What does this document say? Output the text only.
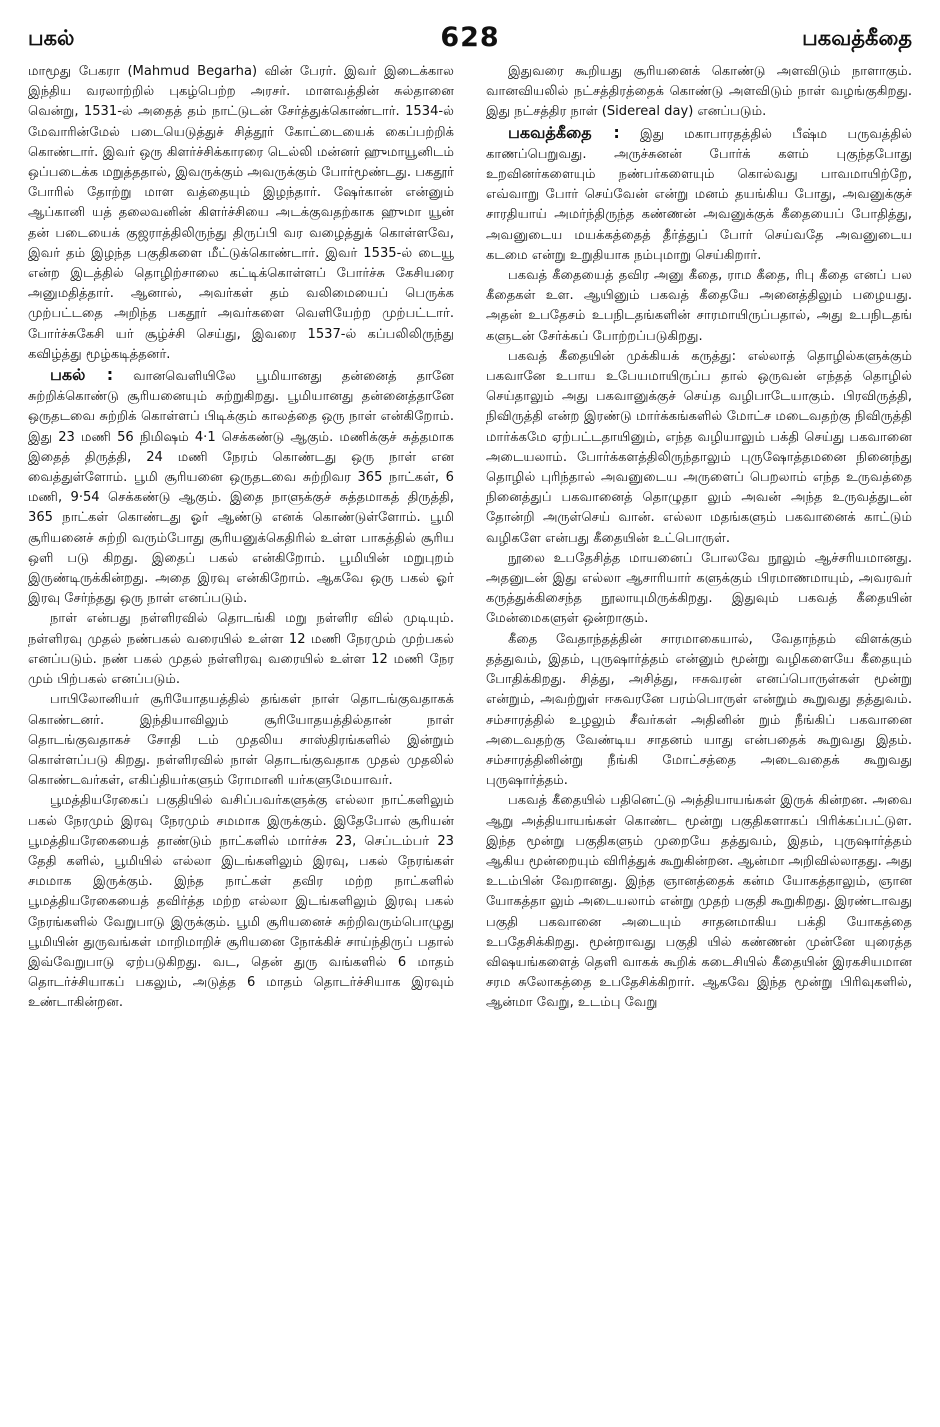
பகல்	628	பகவத்கீதை

மாமூது பேகரா (Mahmud Begarha) வின் பேரர். இவர் இடைக்கால இந்திய வரலாற்றில் புகழ்பெற்ற அரசர். மாளவத்தின் சுல்தானை வென்று, 1531-ல் அதைத் தம் நாட்டுடன் சேர்த்துக்கொண்டார். 1534-ல் மேவாரின்மேல் படையெடுத்துச் சித்தூர் கோட்டையைக் கைப்பற்றிக் கொண்டார். இவர் ஒரு கிளர்ச்சிக்காரரை டெல்லி மன்னர் ஹுமாயூனிடம் ஒப்படைக்க மறுத்ததால், இவருக்கும் அவருக்கும் போர்மூண்டது. பகதூர் போரில் தோற்று மாள வத்தையும் இழந்தார். ஷேர்கான் என்னும் ஆப்கானி யத் தலைவனின் கிளர்ச்சியை அடக்குவதற்காக ஹுமா யூன் தன் படையைக் குஜராத்திலிருந்து திருப்பி வர வழைத்துக் கொள்ளவே, இவர் தம் இழந்த பகுதிகளை மீட்டுக்கொண்டார். இவர் 1535-ல் டையூ என்ற இடத்தில் தொழிற்சாலை கட்டிக்கொள்ளப் போர்ச்சு கேசியரை அனுமதித்தார். ஆனால், அவர்கள் தம் வலிமையைப் பெருக்க முற்பட்டதை அறிந்த பகதூர் அவர்களை வெளியேற்ற முற்பட்டார். போர்ச்சுகேசி யர் சூழ்ச்சி செய்து, இவரை 1537-ல் கப்பலிலிருந்து கவிழ்த்து மூழ்கடித்தனர்.

பகல் : வானவெளியிலே பூமியானது தன்னைத் தானே சுற்றிக்கொண்டு சூரியனையும் சுற்றுகிறது. பூமியானது தன்னைத்தானே ஒருதடவை சுற்றிக் கொள்ளப் பிடிக்கும் காலத்தை ஒரு நாள் என்கிறோம். இது 23 மணி 56 நிமிஷம் 4·1 செக்கண்டு ஆகும். மணிக்குச் சுத்தமாக இதைத் திருத்தி, 24 மணி நேரம் கொண்டது ஒரு நாள் என வைத்துள்ளோம். பூமி சூரியனை ஒருதடவை சுற்றிவர 365 நாட்கள், 6 மணி, 9·54 செக்கண்டு ஆகும். இதை நாளுக்குச் சுத்தமாகத் திருத்தி, 365 நாட்கள் கொண்டது ஓர் ஆண்டு எனக் கொண்டுள்ளோம். பூமி சூரியனைச் சுற்றி வரும்போது சூரியனுக்கெதிரில் உள்ள பாகத்தில் சூரிய ஒளி படு கிறது. இதைப் பகல் என்கிறோம். பூமியின் மறுபுறம் இருண்டிருக்கின்றது. அதை இரவு என்கிறோம். ஆகவே ஒரு பகல் ஓர் இரவு சேர்ந்தது ஒரு நாள் எனப்படும்.

நாள் என்பது நள்ளிரவில் தொடங்கி மறு நள்ளிர வில் முடியும். நள்ளிரவு முதல் நண்பகல் வரையில் உள்ள 12 மணி நேரமும் முற்பகல் எனப்படும். நண் பகல் முதல் நள்ளிரவு வரையில் உள்ள 12 மணி நேர மும் பிற்பகல் எனப்படும்.

பாபிலோனியர் சூரியோதயத்தில் தங்கள் நாள் தொடங்குவதாகக் கொண்டனர். இந்தியாவிலும் சூரியோதயத்தில்தான் நாள் தொடங்குவதாகச் சோதி டம் முதலிய சாஸ்திரங்களில் இன்றும் கொள்ளப்படு கிறது. நள்ளிரவில் நாள் தொடங்குவதாக முதல் முதலில் கொண்டவர்கள், எகிப்தியர்களும் ரோமானி யர்களுமேயாவர்.

பூமத்தியரேகைப் பகுதியில் வசிப்பவர்களுக்கு எல்லா நாட்களிலும் பகல் நேரமும் இரவு நேரமும் சமமாக இருக்கும். இதேபோல் சூரியன் பூமத்தியரேகையைத் தாண்டும் நாட்களில் மார்ச்சு 23, செப்டம்பர் 23 தேதி களில், பூமியில் எல்லா இடங்களிலும் இரவு, பகல் நேரங்கள் சமமாக இருக்கும். இந்த நாட்கள் தவிர மற்ற நாட்களில் பூமத்தியரேகையைத் தவிர்த்த மற்ற எல்லா இடங்களிலும் இரவு பகல் நேரங்களில் வேறுபாடு இருக்கும். பூமி சூரியனைச் சுற்றிவரும்பொழுது பூமியின் துருவங்கள் மாறிமாறிச் சூரியனை நோக்கிச் சாய்ந்திருப் பதால் இவ்வேறுபாடு ஏற்படுகிறது. வட, தென் துரு வங்களில் 6 மாதம் தொடர்ச்சியாகப் பகலும், அடுத்த 6 மாதம் தொடர்ச்சியாக இரவும் உண்டாகின்றன.

இதுவரை கூறியது சூரியனைக் கொண்டு அளவிடும் நாளாகும். வானவியலில் நட்சத்திரத்தைக் கொண்டு அளவிடும் நாள் வழங்குகிறது. இது நட்சத்திர நாள் (Sidereal day) எனப்படும்.

பகவத்கீதை : இது மகாபாரதத்தில் பீஷ்ம பருவத்தில் காணப்பெறுவது. அருச்சுனன் போர்க் களம் புகுந்தபோது உறவினர்களையும் நண்பர்களையும் கொல்வது பாவமாயிற்றே, எவ்வாறு போர் செய்வேன் என்று மனம் தயங்கிய போது, அவனுக்குச் சாரதியாய் அமர்ந்திருந்த கண்ணன் அவனுக்குக் கீதையைப் போதித்து, அவனுடைய மயக்கத்தைத் தீர்த்துப் போர் செய்வதே அவனுடைய கடமை என்று உறுதியாக நம்புமாறு செய்கிறார்.

பகவத் கீதையைத் தவிர அனு கீதை, ராம கீதை, ரிபு கீதை எனப் பல கீதைகள் உள. ஆயினும் பகவத் கீதையே அனைத்திலும் பழையது. அதன் உபதேசம் உபநிடதங்களின் சாரமாயிருப்பதால், அது உபநிடதங் களுடன் சேர்க்கப் போற்றப்படுகிறது.

பகவத் கீதையின் முக்கியக் கருத்து: எல்லாத் தொழில்களுக்கும் பகவானே உபாய உபேயமாயிருப்ப தால் ஒருவன் எந்தத் தொழில் செய்தாலும் அது பகவானுக்குச் செய்த வழிபாடேயாகும். பிரவிருத்தி, நிவிருத்தி என்ற இரண்டு மார்க்கங்களில் மோட்ச மடைவதற்கு நிவிருத்தி மார்க்கமே ஏற்பட்டதாயினும், எந்த வழியாலும் பக்தி செய்து பகவானை அடையலாம். போர்க்களத்திலிருந்தாலும் புருஷோத்தமனை நினைந்து தொழில் புரிந்தால் அவனுடைய அருளைப் பெறலாம் எந்த உருவத்தை நினைத்துப் பகவானைத் தொழுதா லும் அவன் அந்த உருவத்துடன் தோன்றி அருள்செய் வான். எல்லா மதங்களும் பகவானைக் காட்டும் வழிகளே என்பது கீதையின் உட்பொருள்.

நூலை உபதேசித்த மாயனைப் போலவே நூலும் ஆச்சரியமானது. அதனுடன் இது எல்லா ஆசாரியார் களுக்கும் பிரமாணமாயும், அவரவர் கருத்துக்கிசைந்த நூலாயுமிருக்கிறது. இதுவும் பகவத் கீதையின் மேன்மைகளுள் ஒன்றாகும்.

கீதை வேதாந்தத்தின் சாரமாகையால், வேதாந்தம் விளக்கும் தத்துவம், இதம், புருஷார்த்தம் என்னும் மூன்று வழிகளையே கீதையும் போதிக்கிறது. சித்து, அசித்து, ஈசுவரன் எனப்பொருள்கள் மூன்று என்றும், அவற்றுள் ஈசுவரனே பரம்பொருள் என்றும் கூறுவது தத்துவம். சம்சாரத்தில் உழலும் சீவர்கள் அதினின் றும் நீங்கிப் பகவானை அடைவதற்கு வேண்டிய சாதனம் யாது என்பதைக் கூறுவது இதம். சம்சாரத்தினின்று நீங்கி மோட்சத்தை அடைவதைக் கூறுவது புருஷார்த்தம்.

பகவத் கீதையில் பதினெட்டு அத்தியாயங்கள் இருக் கின்றன. அவை ஆறு அத்தியாயங்கள் கொண்ட மூன்று பகுதிகளாகப் பிரிக்கப்பட்டுள. இந்த மூன்று பகுதிகளும் முறையே தத்துவம், இதம், புருஷார்த்தம் ஆகிய மூன்றையும் விரித்துக் கூறுகின்றன. ஆன்மா அறிவில்லாதது. அது உடம்பின் வேறானது. இந்த ஞானத்தைக் கன்ம யோகத்தாலும், ஞான யோகத்தா லும் அடையலாம் என்று முதற் பகுதி கூறுகிறது. இரண்டாவது பகுதி பகவானை அடையும் சாதனமாகிய பக்தி யோகத்தை உபதேசிக்கிறது. மூன்றாவது பகுதி யில் கண்ணன் முன்னே யுரைத்த விஷயங்களைத் தெளி வாகக் கூறிக் கடைசியில் கீதையின் இரகசியமான சரம சுலோகத்தை உபதேசிக்கிறார். ஆகவே இந்த மூன்று பிரிவுகளில், ஆன்மா வேறு, உடம்பு வேறு
